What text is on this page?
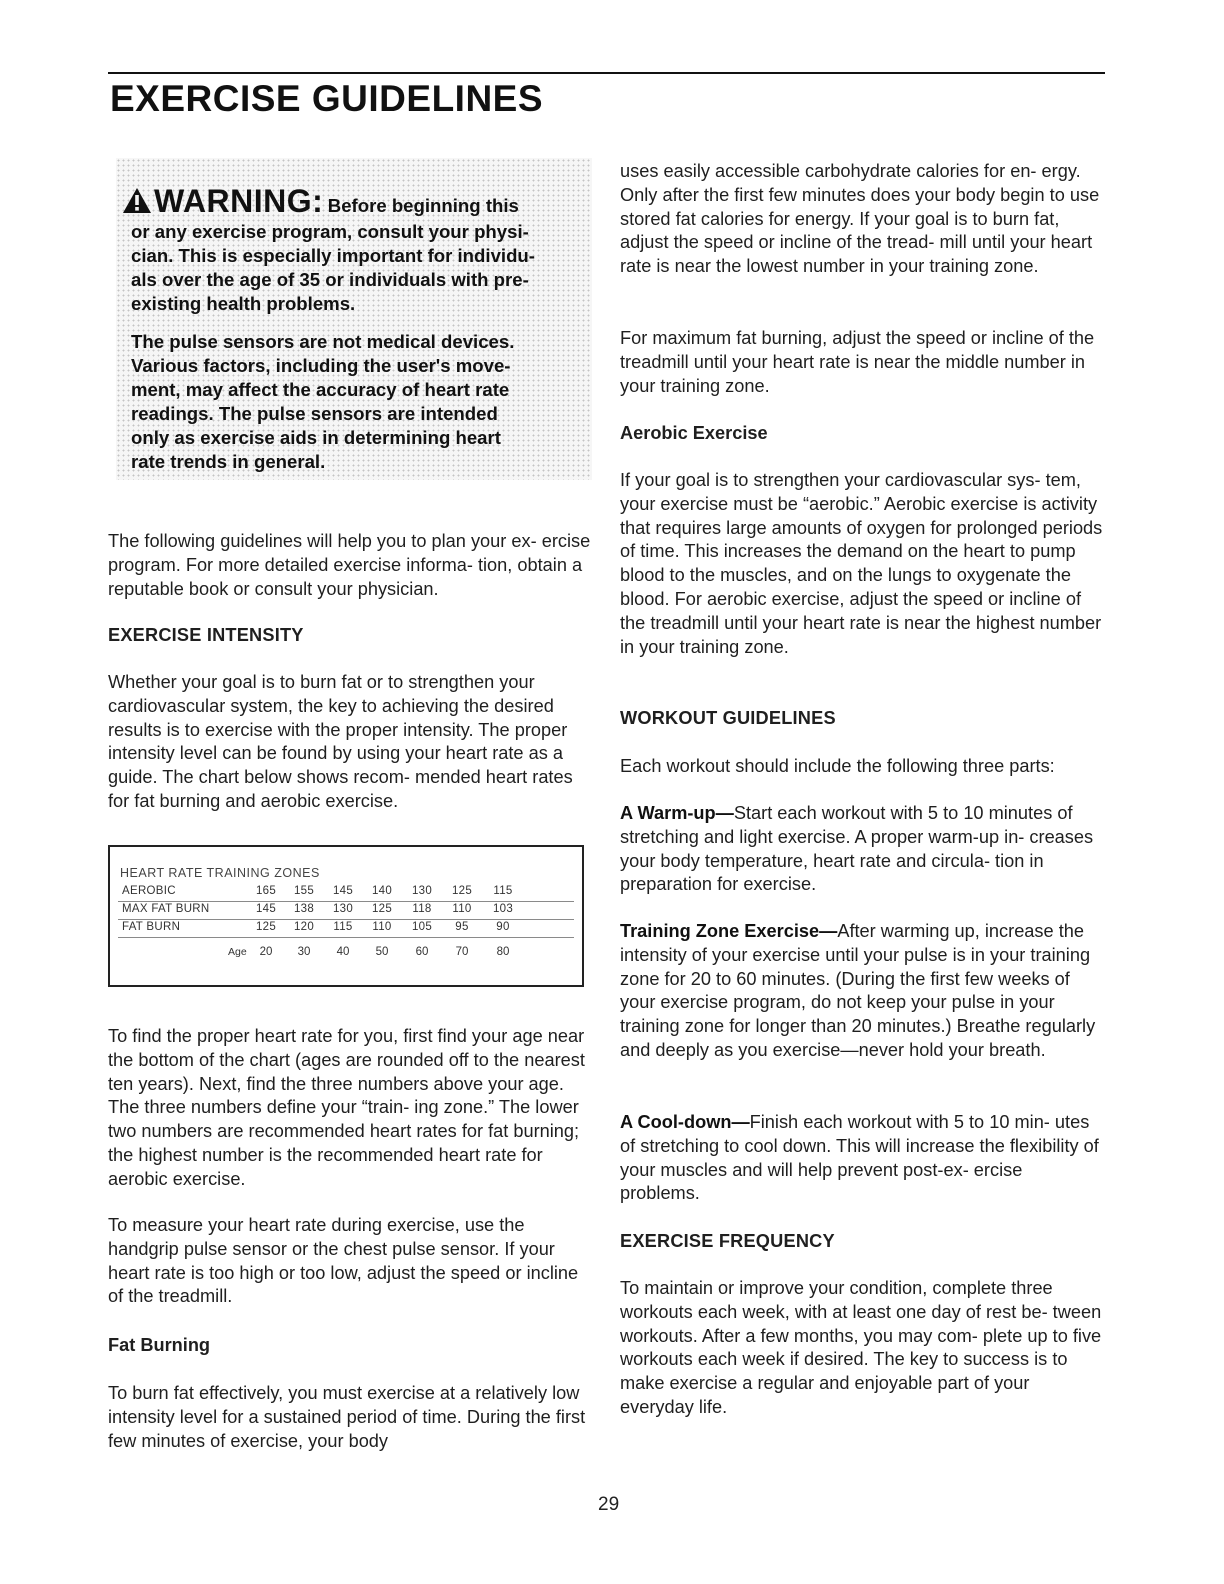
EXERCISE GUIDELINES
WARNING: Before beginning this

or any exercise program, consult your physi-

cian. This is especially important for individu-

als over the age of 35 or individuals with pre-

existing health problems.

The pulse sensors are not medical devices.

Various factors, including the user's move-

ment, may affect the accuracy of heart rate

readings. The pulse sensors are intended

only as exercise aids in determining heart

rate trends in general.

The following guidelines will help you to plan your ex- ercise program. For more detailed exercise informa- tion, obtain a reputable book or consult your physician.

EXERCISE INTENSITY

Whether your goal is to burn fat or to strengthen your cardiovascular system, the key to achieving the desired results is to exercise with the proper intensity. The proper intensity level can be found by using your heart rate as a guide. The chart below shows recom- mended heart rates for fat burning and aerobic exercise.

To find the proper heart rate for you, first find your age near the bottom of the chart (ages are rounded off to the nearest ten years). Next, find the three numbers above your age. The three numbers define your “train- ing zone.” The lower two numbers are recommended heart rates for fat burning; the highest number is the recommended heart rate for aerobic exercise.

To measure your heart rate during exercise, use the handgrip pulse sensor or the chest pulse sensor. If your heart rate is too high or too low, adjust the speed or incline of the treadmill.

Fat Burning

To burn fat effectively, you must exercise at a relatively low intensity level for a sustained period of time. During the first few minutes of exercise, your body

HEART RATE TRAINING ZONES
AEROBIC	165	155	145	140	130	125	115
MAX FAT BURN	145	138	130	125	118	110	103
FAT BURN	125	120	115	110	105	95	90
Age	20	30	40	50	60	70	80

uses easily accessible carbohydrate calories for en- ergy. Only after the first few minutes does your body begin to use stored fat calories for energy. If your goal is to burn fat, adjust the speed or incline of the tread- mill until your heart rate is near the lowest number in your training zone.

For maximum fat burning, adjust the speed or incline of the treadmill until your heart rate is near the middle number in your training zone.

Aerobic Exercise

If your goal is to strengthen your cardiovascular sys- tem, your exercise must be “aerobic.” Aerobic exercise is activity that requires large amounts of oxygen for prolonged periods of time. This increases the demand on the heart to pump blood to the muscles, and on the lungs to oxygenate the blood. For aerobic exercise, adjust the speed or incline of the treadmill until your heart rate is near the highest number in your training zone.

WORKOUT GUIDELINES

Each workout should include the following three parts:

A Warm-up—Start each workout with 5 to 10 minutes of stretching and light exercise. A proper warm-up in- creases your body temperature, heart rate and circula- tion in preparation for exercise.

Training Zone Exercise—After warming up, increase the intensity of your exercise until your pulse is in your training zone for 20 to 60 minutes. (During the first few weeks of your exercise program, do not keep your pulse in your training zone for longer than 20 minutes.) Breathe regularly and deeply as you exercise—never hold your breath.

A Cool-down—Finish each workout with 5 to 10 min- utes of stretching to cool down. This will increase the flexibility of your muscles and will help prevent post-ex- ercise problems.

EXERCISE FREQUENCY

To maintain or improve your condition, complete three workouts each week, with at least one day of rest be- tween workouts. After a few months, you may com- plete up to five workouts each week if desired. The key to success is to make exercise a regular and enjoyable part of your everyday life.

29
